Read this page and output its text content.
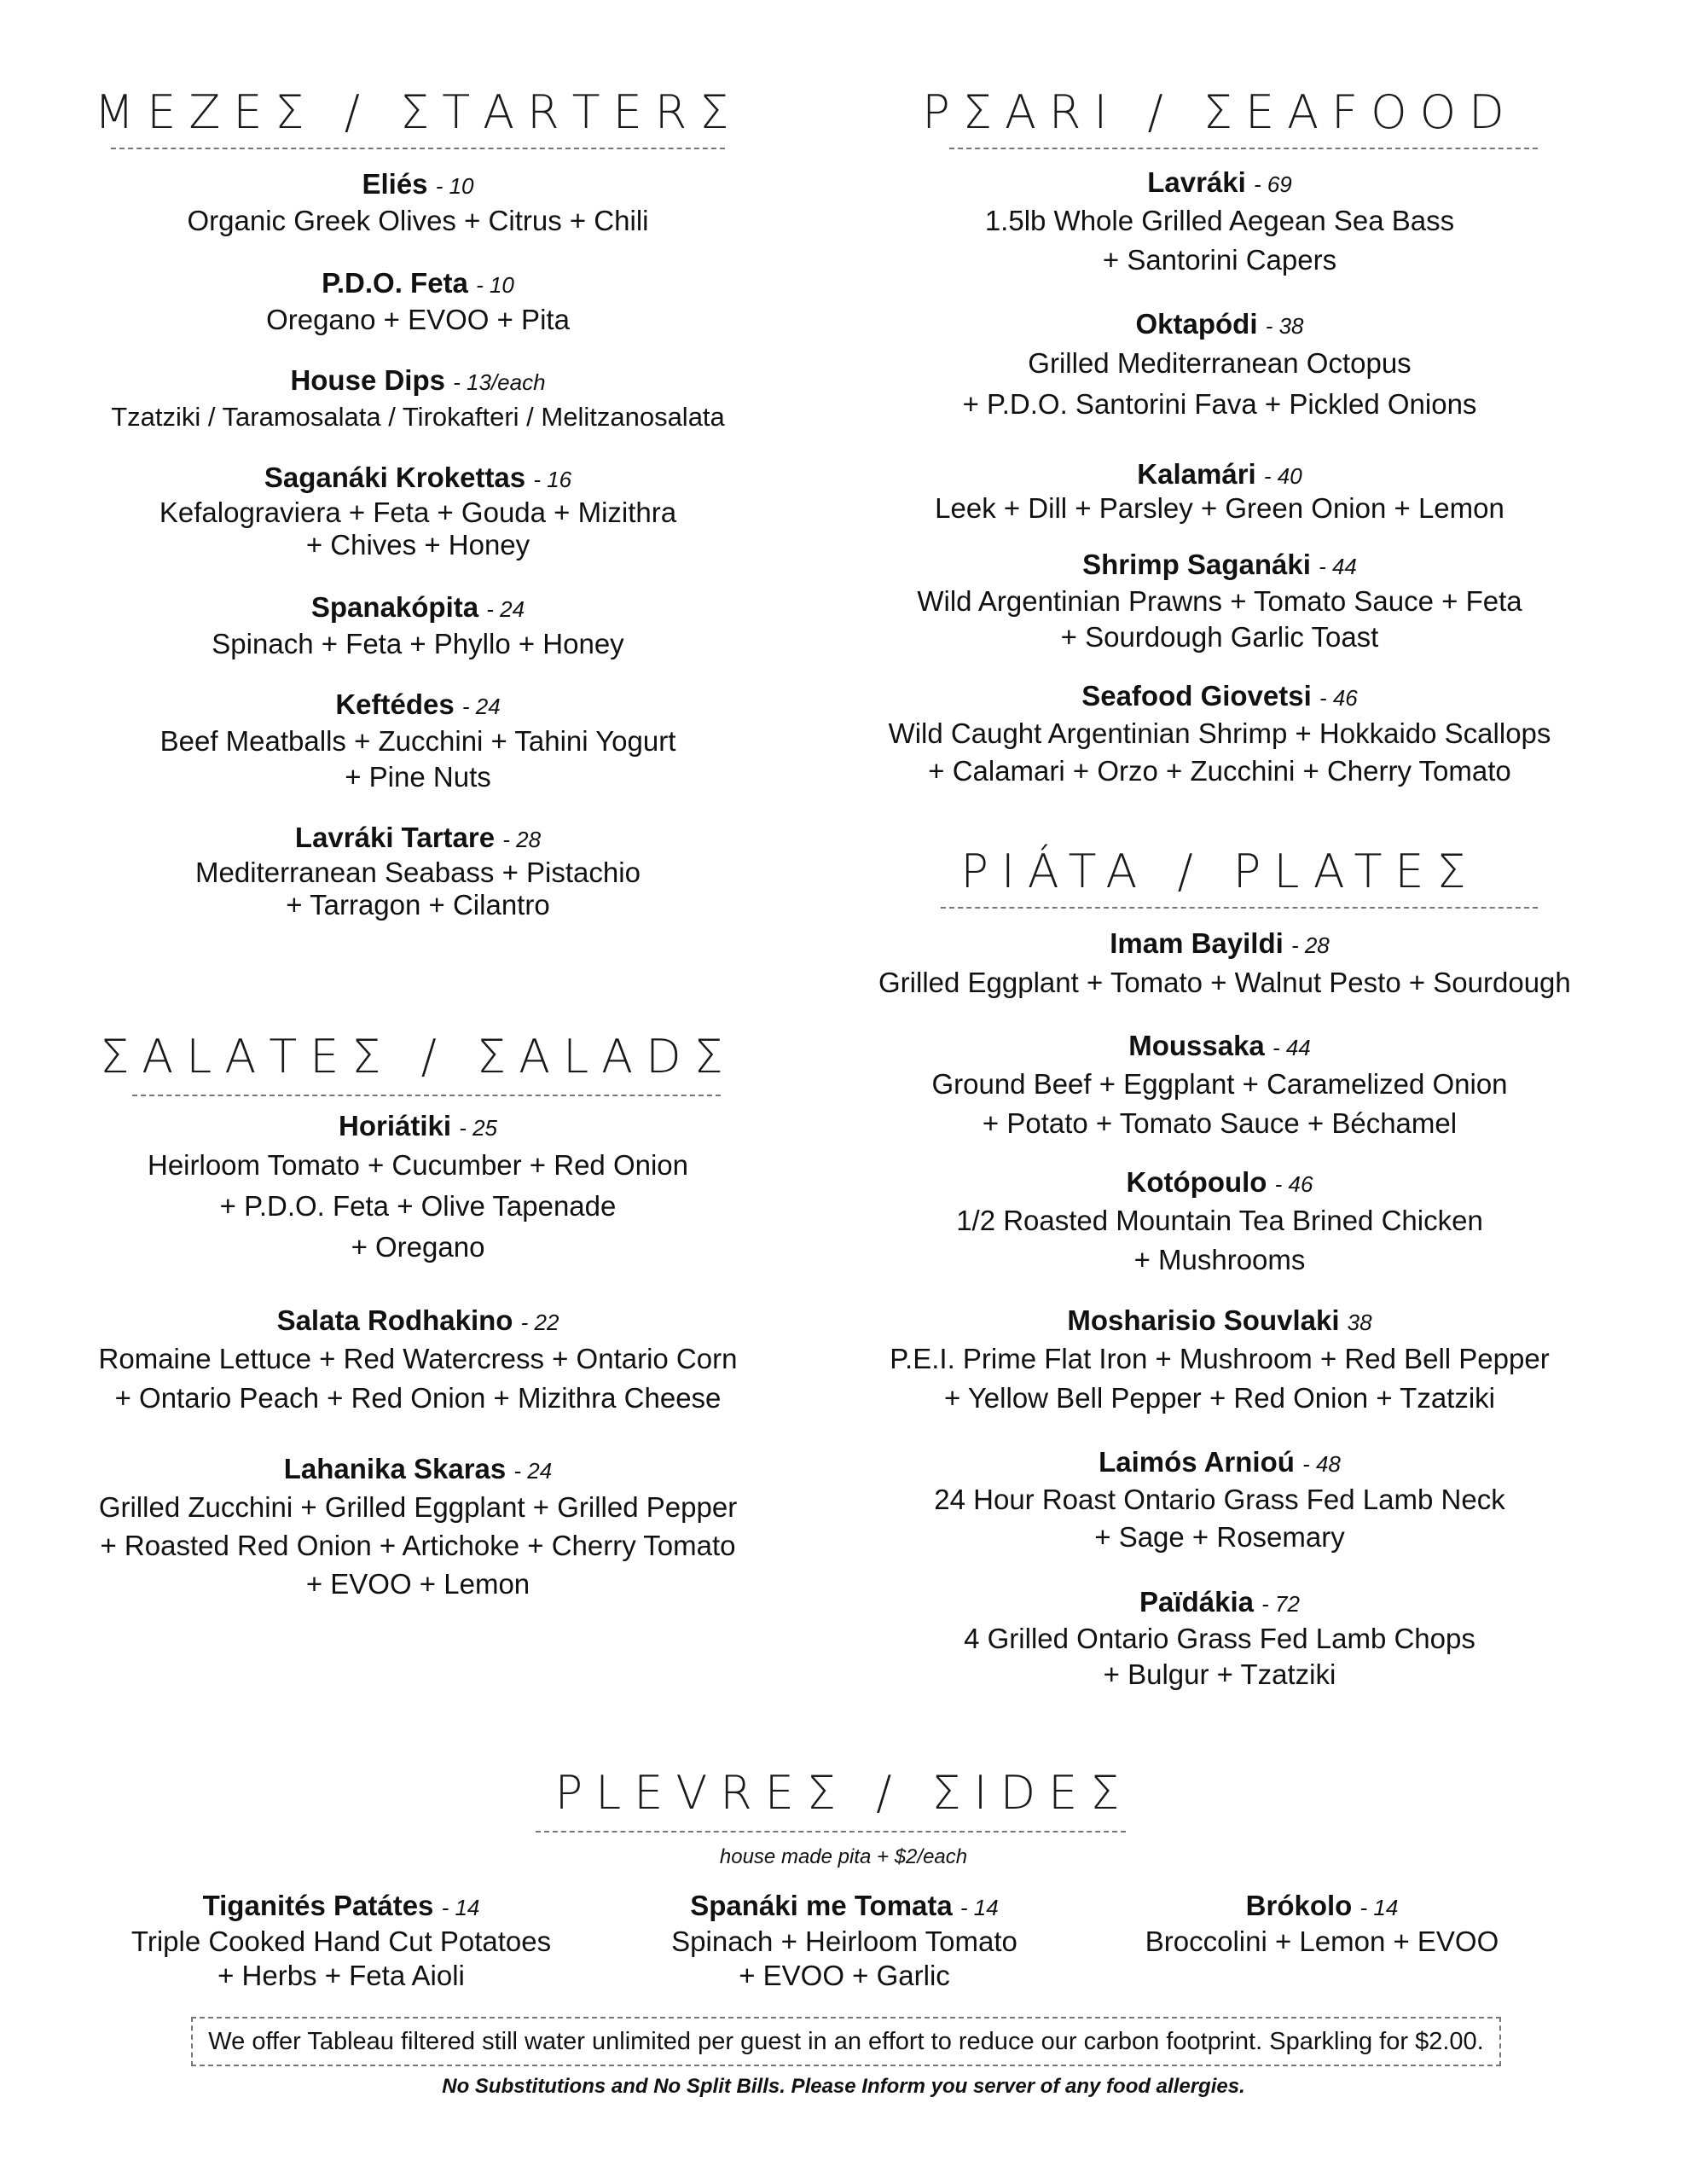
ΜΕΖΕΣ / ΣΤΑRΤΕRΣ
Eliés - 10
Organic Greek Olives + Citrus + Chili
P.D.O. Feta - 10
Oregano + EVOO + Pita
House Dips - 13/each
Tzatziki / Taramosalata / Tirokafteri / Melitzanosalata
Saganáki Krokettas - 16
Kefalograviera + Feta + Gouda + Mizithra
+ Chives + Honey
Spanakópita - 24
Spinach + Feta + Phyllo + Honey
Keftédes - 24
Beef Meatballs + Zucchini + Tahini Yogurt
+ Pine Nuts
Lavráki Tartare - 28
Mediterranean Seabass + Pistachio
+ Tarragon + Cilantro
ΣΑLΑΤΕΣ / ΣΑLΑDΣ
Horiátiki - 25
Heirloom Tomato + Cucumber + Red Onion
+ P.D.O. Feta + Olive Tapenade
+ Oregano
Salata Rodhakino - 22
Romaine Lettuce + Red Watercress + Ontario Corn
+ Ontario Peach + Red Onion + Mizithra Cheese
Lahanika Skaras - 24
Grilled Zucchini + Grilled Eggplant + Grilled Pepper
+ Roasted Red Onion + Artichoke + Cherry Tomato
+ EVOO + Lemon
PΣARI / ΣEAFOOD
Lavráki - 69
1.5lb Whole Grilled Aegean Sea Bass
+ Santorini Capers
Oktapódi - 38
Grilled Mediterranean Octopus
+ P.D.O. Santorini Fava + Pickled Onions
Kalamári - 40
Leek + Dill + Parsley + Green Onion + Lemon
Shrimp Saganáki - 44
Wild Argentinian Prawns + Tomato Sauce + Feta
+ Sourdough Garlic Toast
Seafood Giovetsi - 46
Wild Caught Argentinian Shrimp + Hokkaido Scallops
+ Calamari + Orzo + Zucchini + Cherry Tomato
PIÁTA / PLATEΣ
Imam Bayildi - 28
Grilled Eggplant + Tomato + Walnut Pesto + Sourdough
Moussaka - 44
Ground Beef + Eggplant + Caramelized Onion
+ Potato + Tomato Sauce + Béchamel
Kotópoulo - 46
1/2 Roasted Mountain Tea Brined Chicken
+ Mushrooms
Mosharisio Souvlaki 38
P.E.I. Prime Flat Iron + Mushroom + Red Bell Pepper
+ Yellow Bell Pepper + Red Onion + Tzatziki
Laimós Arnioú - 48
24 Hour Roast Ontario Grass Fed Lamb Neck
+ Sage + Rosemary
Païdákia - 72
4 Grilled Ontario Grass Fed Lamb Chops
+ Bulgur + Tzatziki
PLEVREΣ / ΣIDEΣ
house made pita + $2/each
Tiganités Patátes - 14
Triple Cooked Hand Cut Potatoes
+ Herbs + Feta Aioli
Spanáki me Tomata - 14
Spinach + Heirloom Tomato
+ EVOO + Garlic
Brókolo - 14
Broccolini + Lemon + EVOO
We offer Tableau filtered still water unlimited per guest in an effort to reduce our carbon footprint. Sparkling for $2.00.
No Substitutions and No Split Bills. Please Inform you server of any food allergies.
